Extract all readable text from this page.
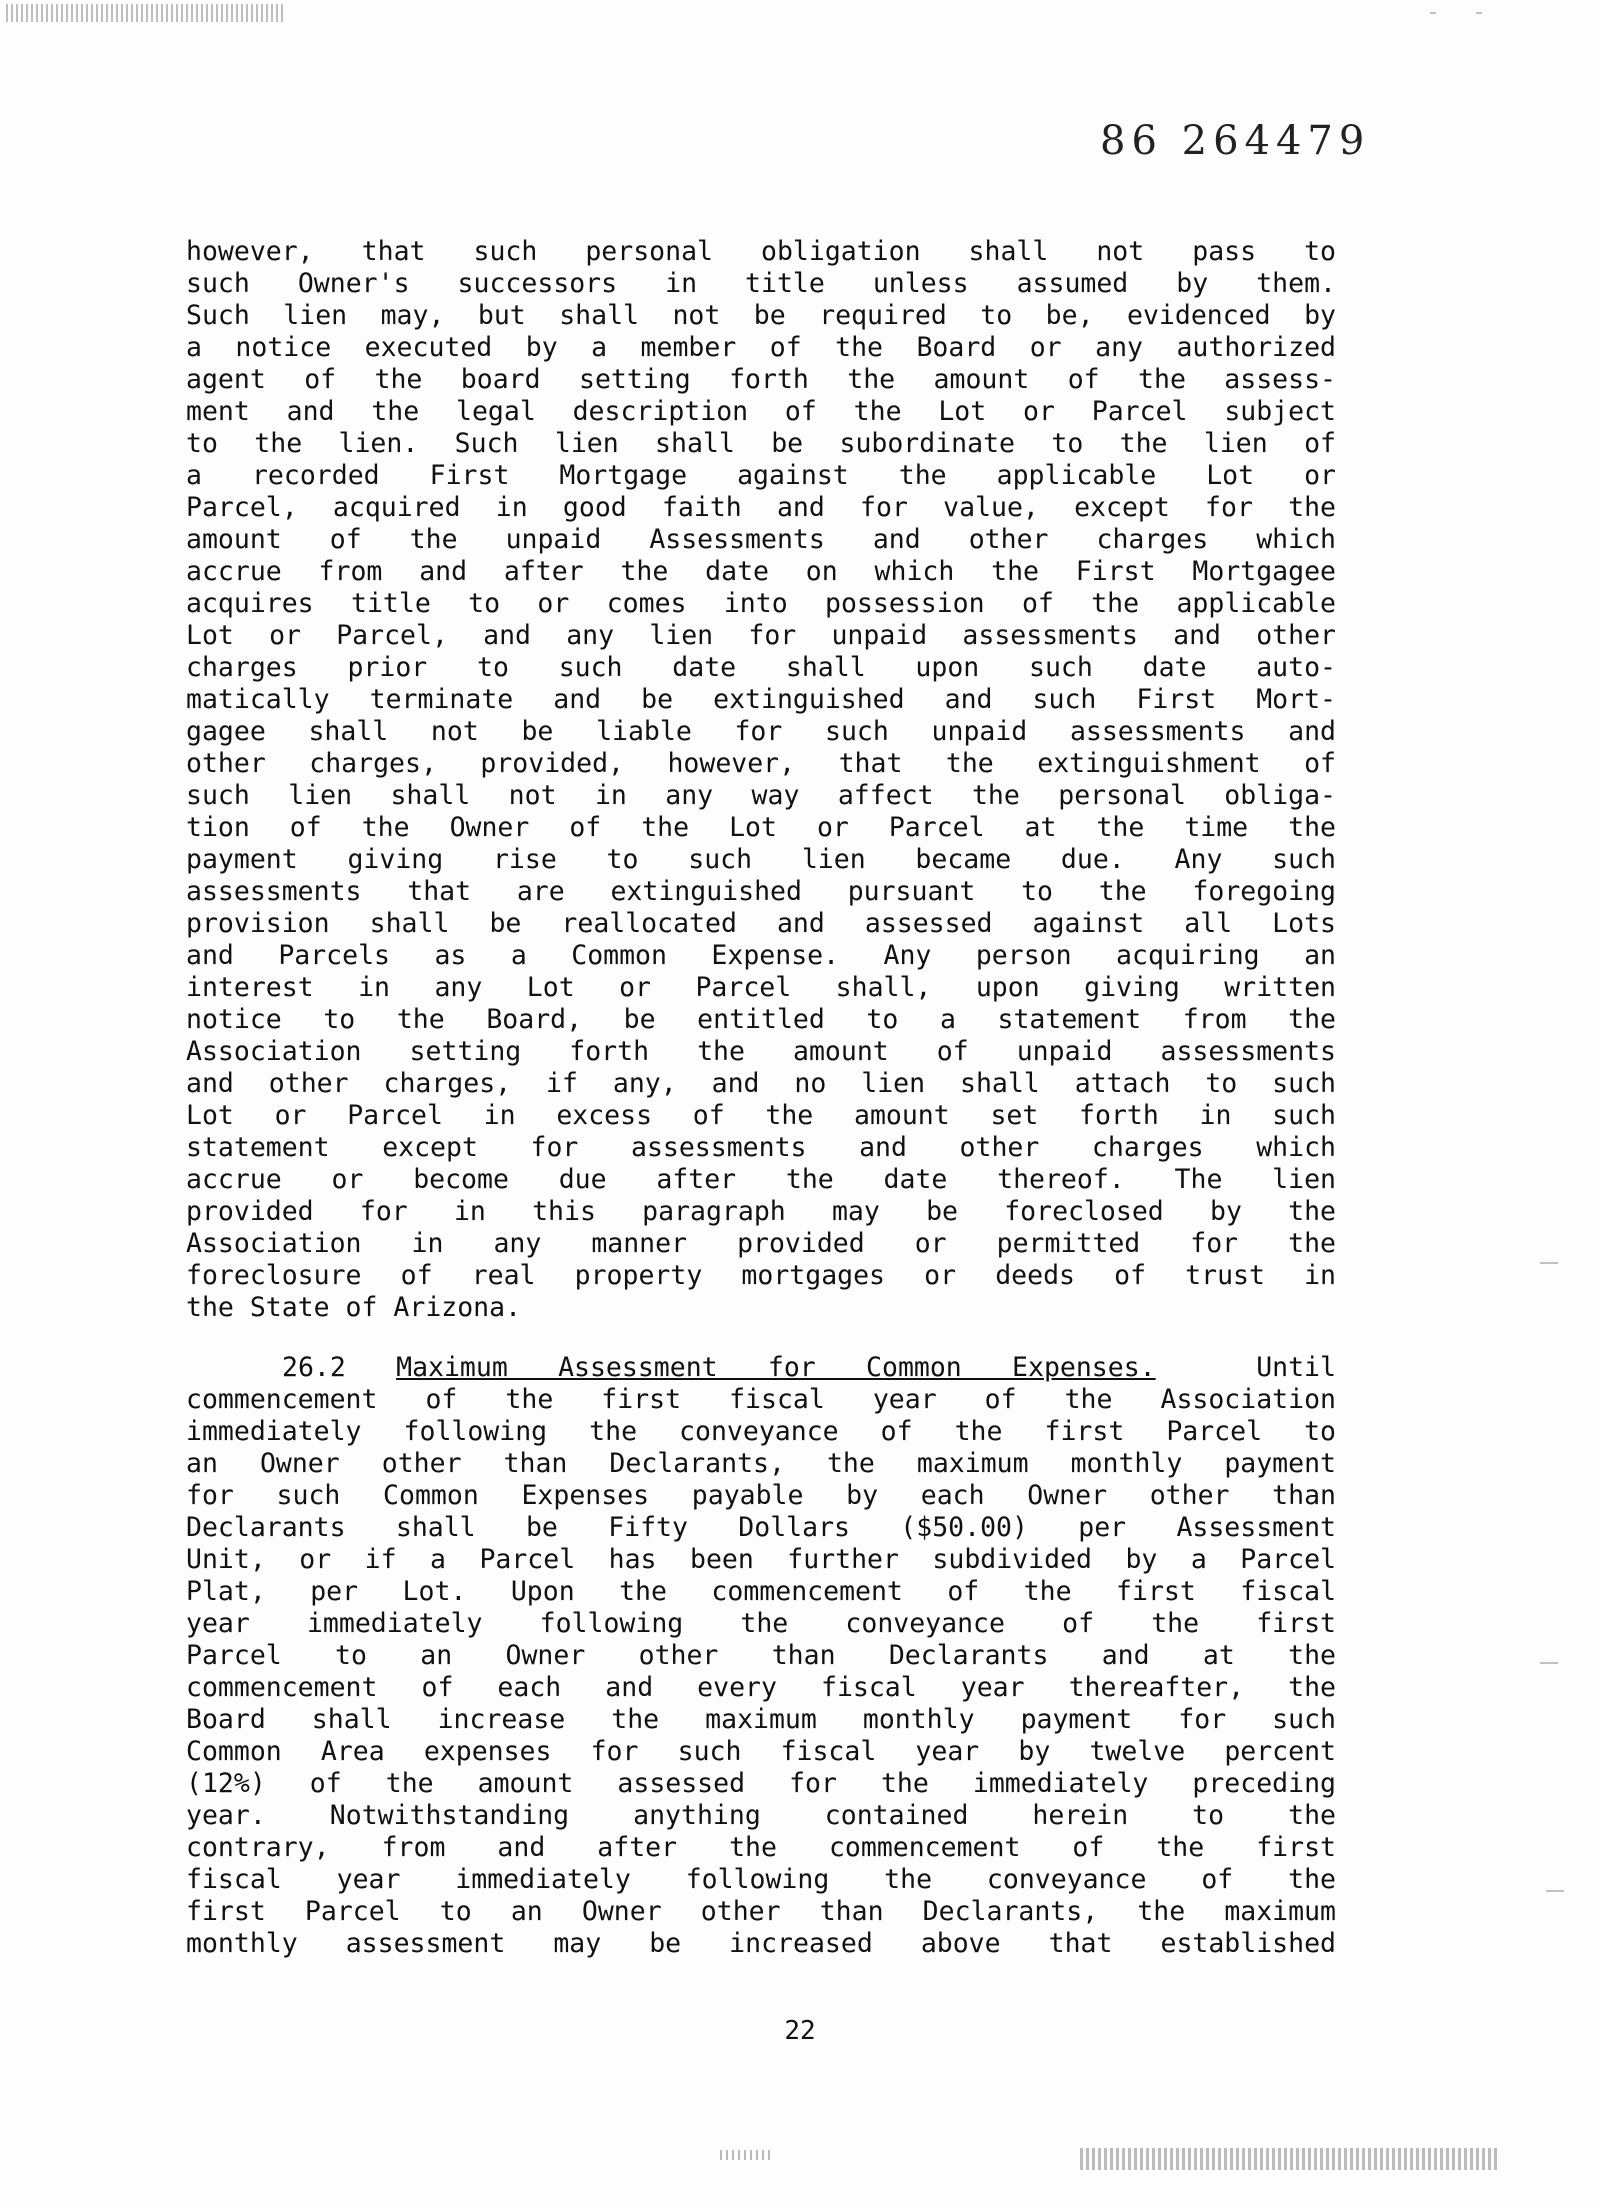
86 264479
however, that such personal obligation shall not pass to
such Owner's successors in title unless assumed by them.
Such lien may, but shall not be required to be, evidenced by
a notice executed by a member of the Board or any authorized
agent of the board setting forth the amount of the assess-
ment and the legal description of the Lot or Parcel subject
to the lien. Such lien shall be subordinate to the lien of
a recorded First Mortgage against the applicable Lot or
Parcel, acquired in good faith and for value, except for the
amount of the unpaid Assessments and other charges which
accrue from and after the date on which the First Mortgagee
acquires title to or comes into possession of the applicable
Lot or Parcel, and any lien for unpaid assessments and other
charges prior to such date shall upon such date auto-
matically terminate and be extinguished and such First Mort-
gagee shall not be liable for such unpaid assessments and
other charges, provided, however, that the extinguishment of
such lien shall not in any way affect the personal obliga-
tion of the Owner of the Lot or Parcel at the time the
payment giving rise to such lien became due. Any such
assessments that are extinguished pursuant to the foregoing
provision shall be reallocated and assessed against all Lots
and Parcels as a Common Expense. Any person acquiring an
interest in any Lot or Parcel shall, upon giving written
notice to the Board, be entitled to a statement from the
Association setting forth the amount of unpaid assessments
and other charges, if any, and no lien shall attach to such
Lot or Parcel in excess of the amount set forth in such
statement except for assessments and other charges which
accrue or become due after the date thereof. The lien
provided for in this paragraph may be foreclosed by the
Association in any manner provided or permitted for the
foreclosure of real property mortgages or deeds of trust in
the State of Arizona.
26.2 Maximum Assessment for Common Expenses.	Until
commencement of the first fiscal year of the Association
immediately following the conveyance of the first Parcel to
an Owner other than Declarants, the maximum monthly payment
for such Common Expenses payable by each Owner other than
Declarants shall be Fifty Dollars ($50.00) per Assessment
Unit, or if a Parcel has been further subdivided by a Parcel
Plat, per Lot. Upon the commencement of the first fiscal
year immediately following the conveyance of the first
Parcel to an Owner other than Declarants and at the
commencement of each and every fiscal year thereafter, the
Board shall increase the maximum monthly payment for such
Common Area expenses for such fiscal year by twelve percent
(12%) of the amount assessed for the immediately preceding
year. Notwithstanding anything contained herein to the
contrary, from and after the commencement of the first
fiscal year immediately following the conveyance of the
first Parcel to an Owner other than Declarants, the maximum
monthly assessment may be increased above that established
22
